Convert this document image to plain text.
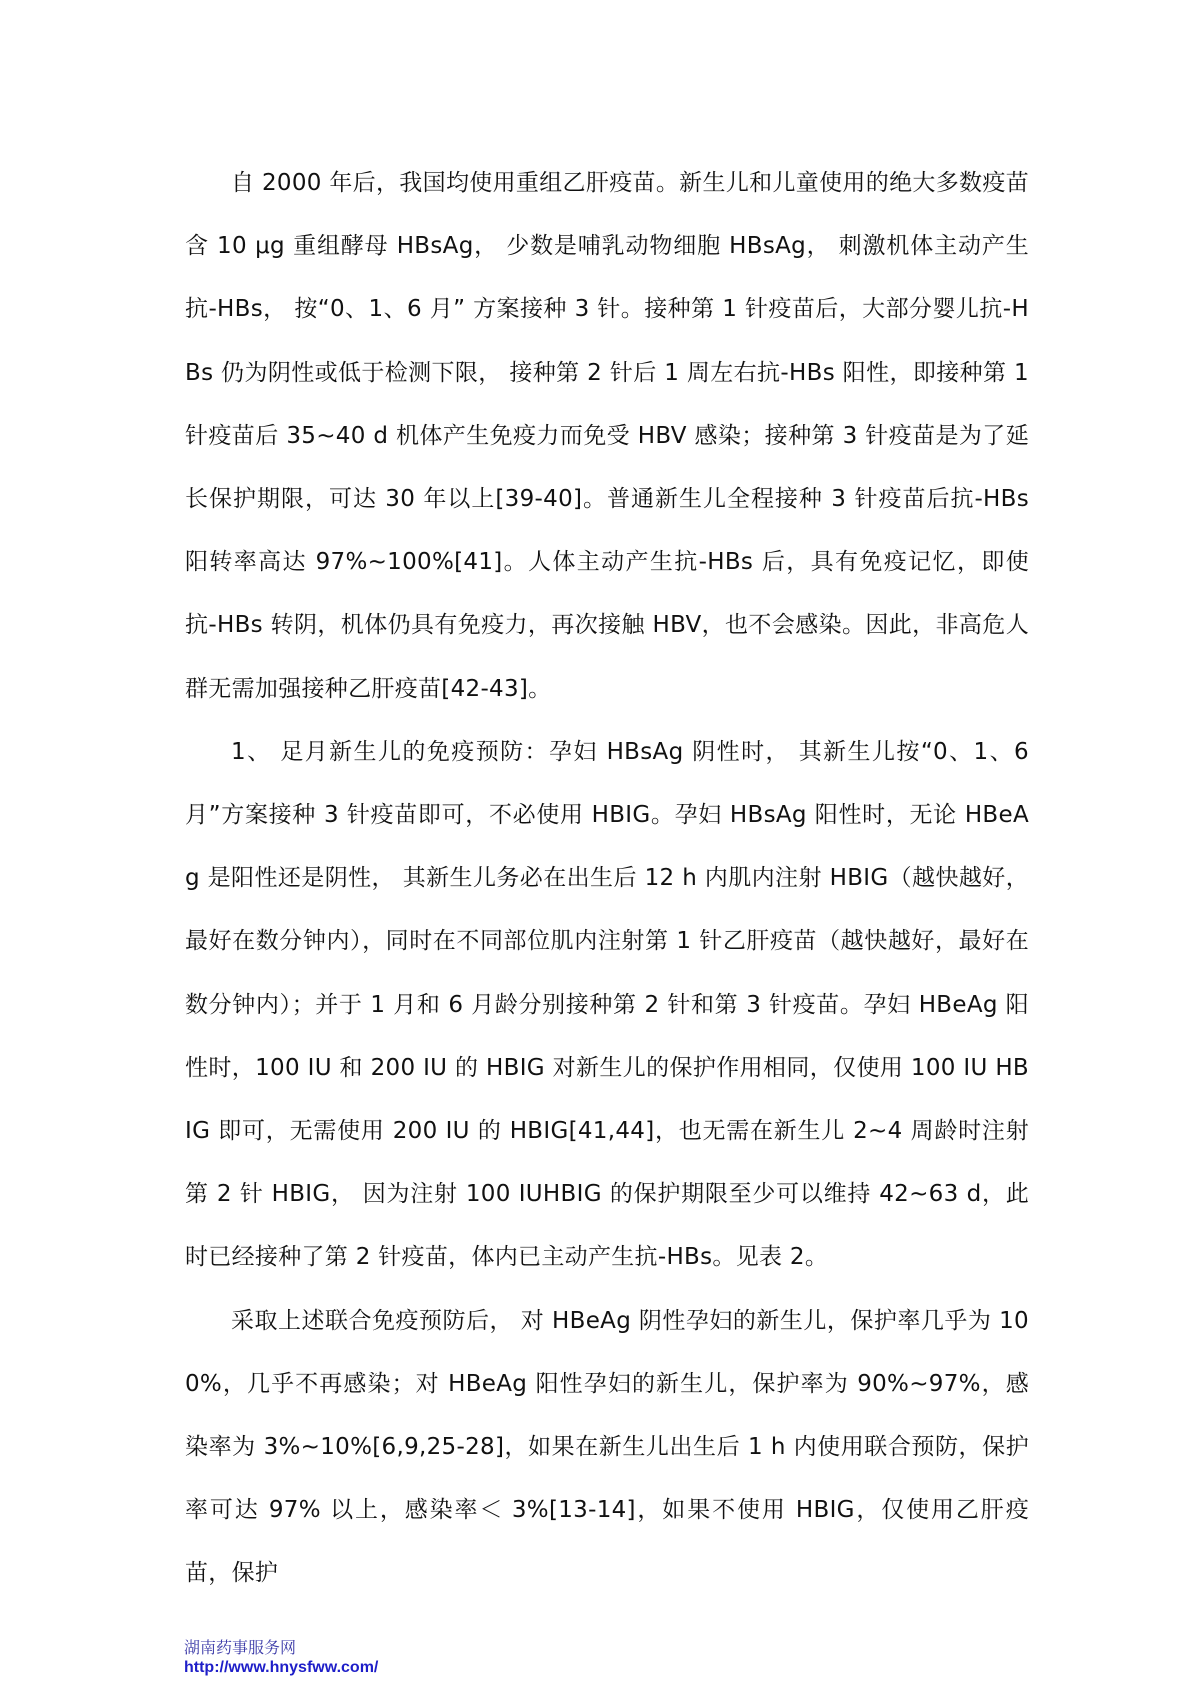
自 2000 年后，我国均使用重组乙肝疫苗。新生儿和儿童使用的绝大多数疫苗含 10 μg 重组酵母 HBsAg， 少数是哺乳动物细胞 HBsAg， 刺激机体主动产生抗-HBs， 按“0、1、6 月” 方案接种 3 针。接种第 1 针疫苗后，大部分婴儿抗-HBs 仍为阴性或低于检测下限， 接种第 2 针后 1 周左右抗-HBs 阳性，即接种第 1 针疫苗后 35~40 d 机体产生免疫力而免受 HBV 感染；接种第 3 针疫苗是为了延长保护期限，可达 30 年以上[39-40]。普通新生儿全程接种 3 针疫苗后抗-HBs 阳转率高达 97%~100%[41]。人体主动产生抗-HBs 后，具有免疫记忆，即使抗-HBs 转阴，机体仍具有免疫力，再次接触 HBV，也不会感染。因此，非高危人群无需加强接种乙肝疫苗[42-43]。

1、 足月新生儿的免疫预防：孕妇 HBsAg 阴性时， 其新生儿按“0、1、6 月”方案接种 3 针疫苗即可，不必使用 HBIG。孕妇 HBsAg 阳性时，无论 HBeAg 是阳性还是阴性， 其新生儿务必在出生后 12 h 内肌内注射 HBIG（越快越好，最好在数分钟内），同时在不同部位肌内注射第 1 针乙肝疫苗（越快越好，最好在数分钟内）；并于 1 月和 6 月龄分别接种第 2 针和第 3 针疫苗。孕妇 HBeAg 阳性时，100 IU 和 200 IU 的 HBIG 对新生儿的保护作用相同，仅使用 100 IU HBIG 即可，无需使用 200 IU 的 HBIG[41,44]，也无需在新生儿 2~4 周龄时注射第 2 针 HBIG， 因为注射 100 IUHBIG 的保护期限至少可以维持 42~63 d，此时已经接种了第 2 针疫苗，体内已主动产生抗-HBs。见表 2。

采取上述联合免疫预防后， 对 HBeAg 阴性孕妇的新生儿，保护率几乎为 100%，几乎不再感染；对 HBeAg 阳性孕妇的新生儿，保护率为 90%~97%，感染率为 3%~10%[6,9,25-28]，如果在新生儿出生后 1 h 内使用联合预防，保护率可达 97% 以上，感染率＜ 3%[13-14]，如果不使用 HBIG，仅使用乙肝疫苗，保护

湖南药事服务网
http://www.hnysfww.com/
